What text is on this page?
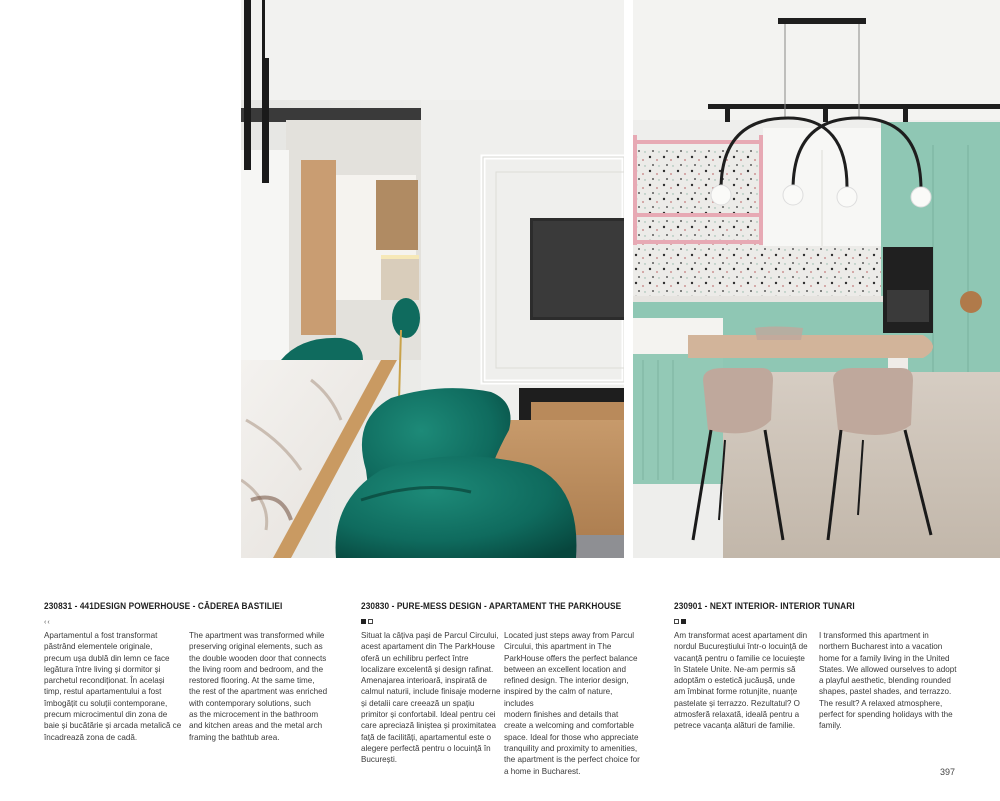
230831 - 441DESIGN POWERHOUSE - CĂDEREA BASTILIEI
‹‹
Apartamentul a fost transformat
păstrând elementele originale,
precum ușa dublă din lemn ce face
legătura între living și dormitor și
parchetul recondiționat. În același
timp, restul apartamentului a fost
îmbogățit cu soluții contemporane,
precum microcimentul din zona de
baie și bucătărie și arcada metalică ce
încadrează zona de cadă.
The apartment was transformed while
preserving original elements, such as
the double wooden door that connects
the living room and bedroom, and the
restored flooring. At the same time,
the rest of the apartment was enriched
with contemporary solutions, such
as the microcement in the bathroom
and kitchen areas and the metal arch
framing the bathtub area.
230830 - PURE-MESS DESIGN - APARTAMENT THE PARKHOUSE
Situat la câțiva pași de Parcul Circului,
acest apartament din The ParkHouse
oferă un echilibru perfect între
localizare excelentă și design rafinat.
Amenajarea interioară, inspirată de
calmul naturii, include finisaje moderne
și detalii care creează un spațiu
primitor și confortabil. Ideal pentru cei
care apreciază liniștea și proximitatea
față de facilități, apartamentul este o
alegere perfectă pentru o locuință în
București.
Located just steps away from Parcul
Circului, this apartment in The
ParkHouse offers the perfect balance
between an excellent location and
refined design. The interior design,
inspired by the calm of nature, includes
modern finishes and details that
create a welcoming and comfortable
space. Ideal for those who appreciate
tranquility and proximity to amenities,
the apartment is the perfect choice for
a home in Bucharest.
230901 - NEXT INTERIOR- INTERIOR TUNARI
Am transformat acest apartament din
nordul Bucureștiului într-o locuință de
vacanță pentru o familie ce locuiește
în Statele Unite. Ne-am permis să
adoptăm o estetică jucăușă, unde
am îmbinat forme rotunjite, nuanțe
pastelate și terrazzo. Rezultatul? O
atmosferă relaxată, ideală pentru a
petrece vacanța alături de familie.
I transformed this apartment in
northern Bucharest into a vacation
home for a family living in the United
States. We allowed ourselves to adopt
a playful aesthetic, blending rounded
shapes, pastel shades, and terrazzo.
The result? A relaxed atmosphere,
perfect for spending holidays with the
family.
397
